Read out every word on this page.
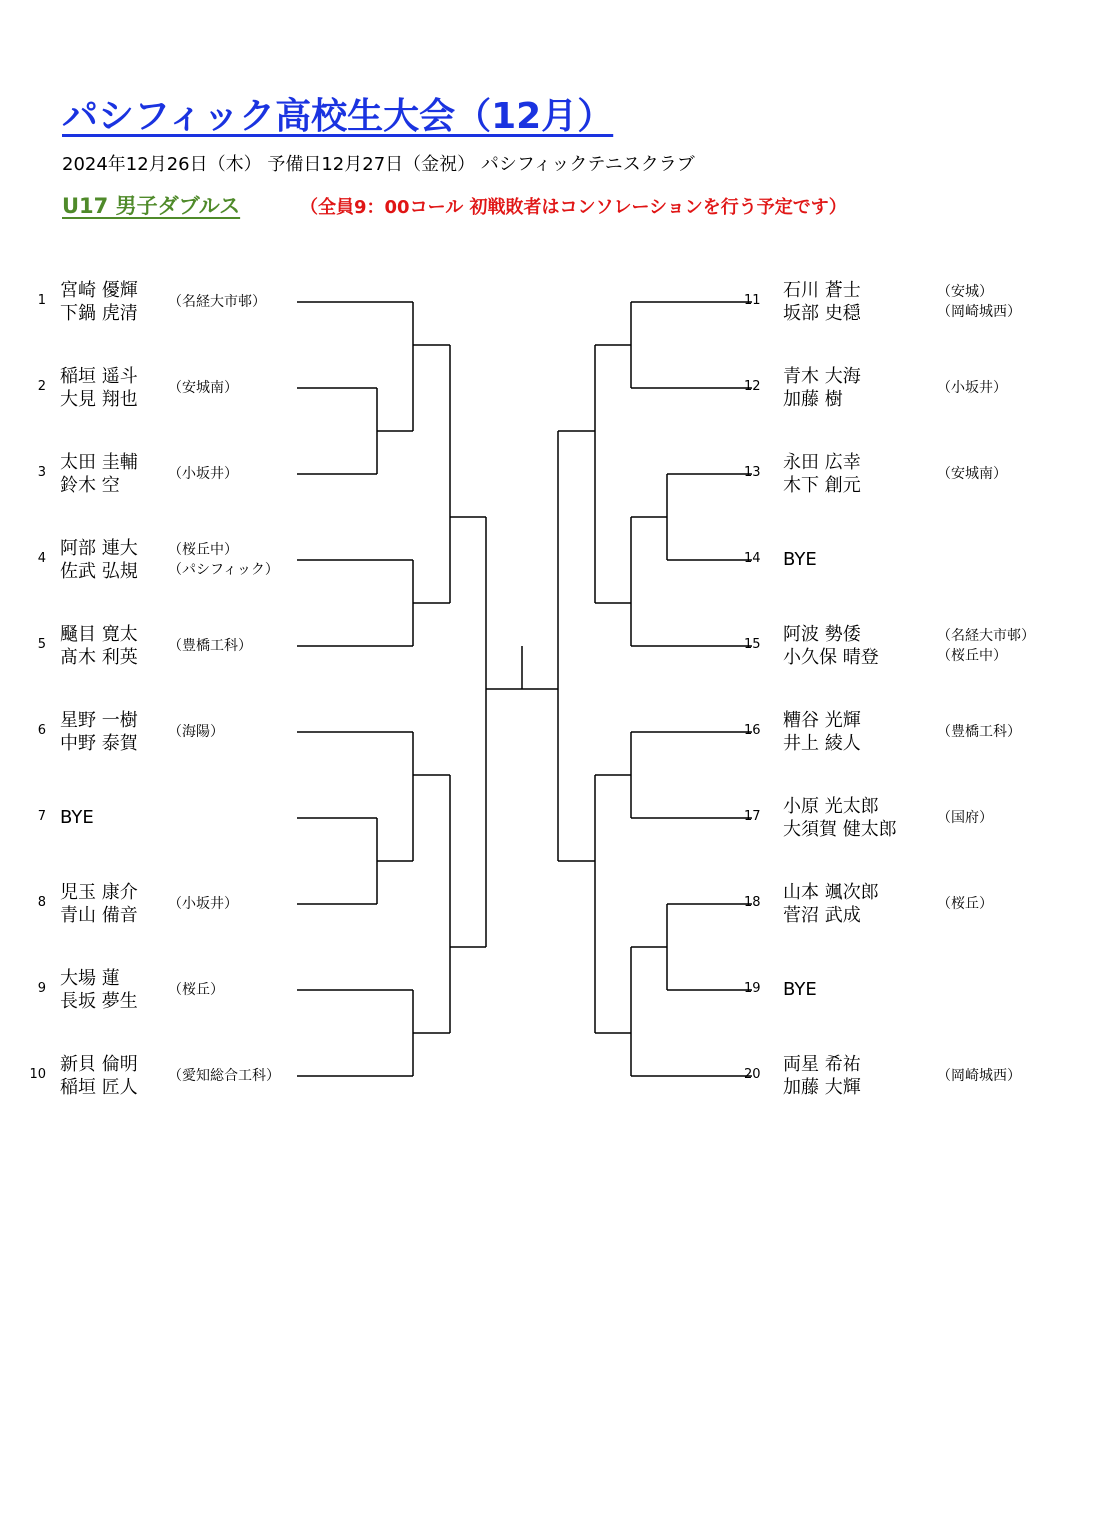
パシフィック高校生大会（12月）
2024年12月26日（木） 予備日12月27日（金祝） パシフィックテニスクラブ
U17 男子ダブルス	（全員9：00コール 初戦敗者はコンソレーションを行う予定です）
1 宮崎 優輝
下鍋 虎清
（名経大市邨）	11	石川 蒼士
坂部 史穏
（安城）
（岡崎城西）
2 稲垣 遥斗
大見 翔也
（安城南）	12	青木 大海
加藤 樹
（小坂井）
3 太田 圭輔
鈴木 空
（小坂井）	13	永田 広幸
木下 創元
（安城南）
4 阿部 連大
佐武 弘規
（桜丘中）
（パシフィック）
14	BYE
5 颾目 寛太
髙木 利英
（豊橋工科）	15	阿波 勢倭
小久保 晴登
（名経大市邨）
（桜丘中）
6 星野 一樹
中野 泰賀
（海陽）	16	糟谷 光輝
井上 綾人
（豊橋工科）
7 BYE	17	小原 光太郎
大須賀 健太郎
（国府）
8 児玉 康介
青山 備音
（小坂井）	18	山本 颯次郎
菅沼 武成
（桜丘）
9 大場 蓮
長坂 夢生
（桜丘）	19	BYE
10 新貝 倫明
稲垣 匠人
（愛知総合工科）	20	両星 希祐
加藤 大輝
（岡崎城西）
